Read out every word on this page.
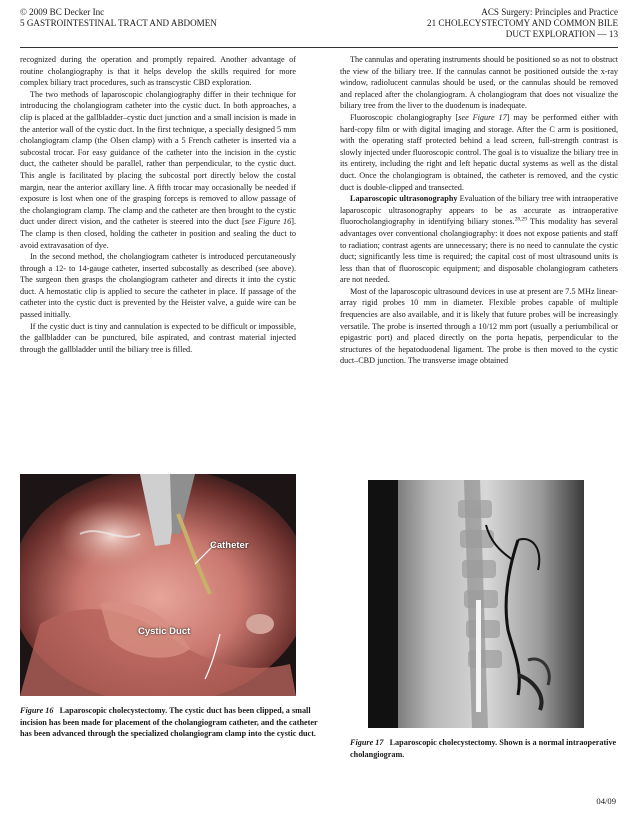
© 2009 BC Decker Inc
5 GASTROINTESTINAL TRACT AND ABDOMEN
ACS Surgery: Principles and Practice
21 CHOLECYSTECTOMY AND COMMON BILE
DUCT EXPLORATION — 13

recognized during the operation and promptly repaired. Another advantage of routine cholangiography is that it helps develop the skills required for more complex biliary tract procedures, such as transcystic CBD exploration.

The two methods of laparoscopic cholangiography differ in their technique for introducing the cholangiogram catheter into the cystic duct. In both approaches, a clip is placed at the gallbladder–cystic duct junction and a small incision is made in the anterior wall of the cystic duct. In the first technique, a specially designed 5 mm cholangiogram clamp (the Olsen clamp) with a 5 French catheter is inserted via a subcostal trocar. For easy guidance of the catheter into the incision in the cystic duct, the catheter should be parallel, rather than perpendicular, to the cystic duct. This angle is facilitated by placing the subcostal port directly below the costal margin, near the anterior axillary line. A fifth trocar may occasionally be needed if exposure is lost when one of the grasping forceps is removed to allow passage of the cholangiogram clamp. The clamp and the catheter are then brought to the cystic duct under direct vision, and the catheter is steered into the duct [see Figure 16]. The clamp is then closed, holding the catheter in position and sealing the duct to avoid extravasation of dye.

In the second method, the cholangiogram catheter is introduced percutaneously through a 12- to 14-gauge catheter, inserted subcostally as described (see above). The surgeon then grasps the cholangiogram catheter and directs it into the cystic duct. A hemostatic clip is applied to secure the catheter in place. If passage of the catheter into the cystic duct is prevented by the Heister valve, a guide wire can be passed initially.

If the cystic duct is tiny and cannulation is expected to be difficult or impossible, the gallbladder can be punctured, bile aspirated, and contrast material injected through the gallbladder until the biliary tree is filled.

The cannulas and operating instruments should be positioned so as not to obstruct the view of the biliary tree. If the cannulas cannot be positioned outside the x-ray window, radiolucent cannulas should be used, or the cannulas should be removed and replaced after the cholangiogram. A cholangiogram that does not visualize the biliary tree from the liver to the duodenum is inadequate.

Fluoroscopic cholangiography [see Figure 17] may be performed either with hard-copy film or with digital imaging and storage. After the C arm is positioned, with the operating staff protected behind a lead screen, full-strength contrast is slowly injected under fluoroscopic control. The goal is to visualize the biliary tree in its entirety, including the right and left hepatic ductal systems as well as the distal duct. Once the cholangiogram is obtained, the catheter is removed, and the cystic duct is double-clipped and transected.

Laparoscopic ultrasonography Evaluation of the biliary tree with intraoperative laparoscopic ultrasonography appears to be as accurate as intraoperative fluorocholangiography in identifying biliary stones.$^{28,29}$ This modality has several advantages over conventional cholangiography: it does not expose patients and staff to radiation; contrast agents are unnecessary; there is no need to cannulate the cystic duct; significantly less time is required; the capital cost of most ultrasound units is less than that of fluoroscopic equipment; and disposable cholangiogram catheters are not needed.

Most of the laparoscopic ultrasound devices in use at present are 7.5 MHz linear-array rigid probes 10 mm in diameter. Flexible probes capable of multiple frequencies are also available, and it is likely that future probes will be increasingly versatile. The probe is inserted through a 10/12 mm port (usually a periumbilical or epigastric port) and placed directly on the porta hepatis, perpendicular to the structures of the hepatoduodenal ligament. The probe is then moved to the cystic duct–CBD junction. The transverse image obtained

Catheter
Cystic Duct
Figure 16 Laparoscopic cholecystectomy. The cystic duct has been clipped, a small incision has been made for placement of the cholangiogram catheter, and the catheter has been advanced through the specialized cholangiogram clamp into the cystic duct.
Figure 17 Laparoscopic cholecystectomy. Shown is a normal intraoperative cholangiogram.
04/09
